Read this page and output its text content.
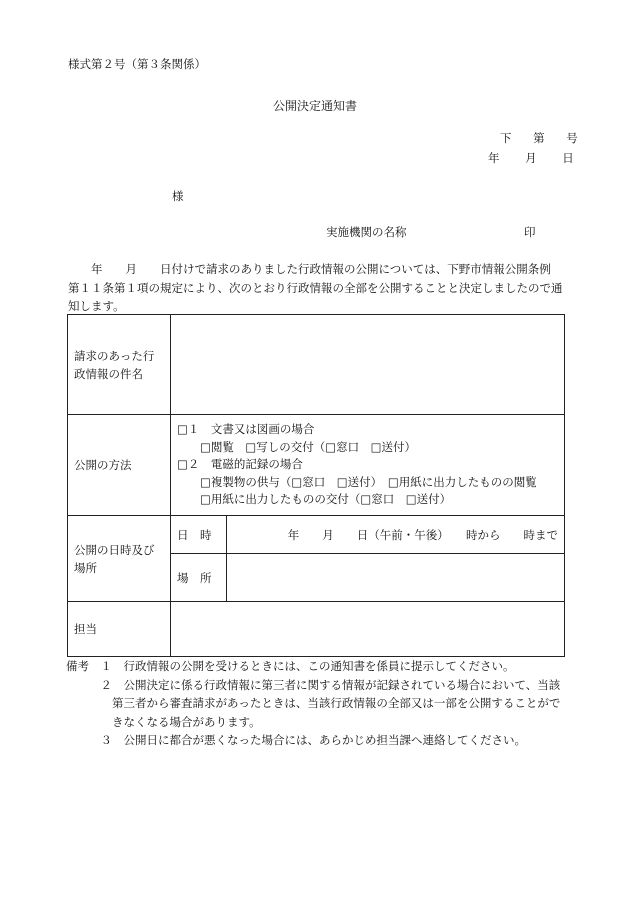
様式第２号（第３条関係）
公開決定通知書
下 第 号
年 月 日
様
実施機関の名称	印
　　年　　月　　日付けで請求のありました行政情報の公開については、下野市情報公開条例
第１１条第１項の規定により、次のとおり行政情報の全部を公開することと決定しましたので通
知します。
請求のあった行
政情報の件名		

公開の方法	□１　文書又は図画の場合
　　□閲覧　□写しの交付（□窓口　□送付）
□２　電磁的記録の場合
　　□複製物の供与（□窓口　□送付）　□用紙に出力したものの閲覧
　　□用紙に出力したものの交付（□窓口　□送付）	

公開の日時及び
場所	日　時	年　　月　　日（午前・午後）　　時から　　時まで
	場　所	
担当		
備考　１　行政情報の公開を受けるときには、この通知書を係員に提示してください。
　　　２　公開決定に係る行政情報に第三者に関する情報が記録されている場合において、当該
　　　　第三者から審査請求があったときは、当該行政情報の全部又は一部を公開することがで
　　　　きなくなる場合があります。
　　　３　公開日に都合が悪くなった場合には、あらかじめ担当課へ連絡してください。
